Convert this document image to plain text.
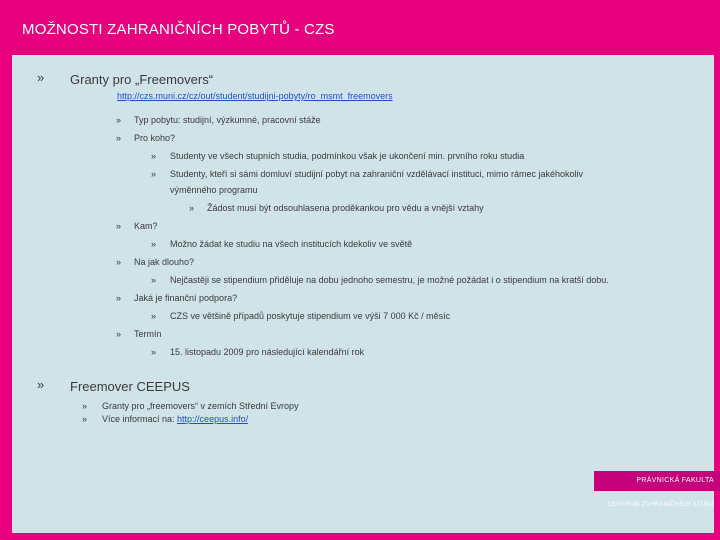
MOŽNOSTI ZAHRANIČNÍCH POBYTŮ - CZS
» Granty pro „Freemovers“
http://czs.muni.cz/cz/out/student/studijni-pobyty/ro_msmt_freemovers
» Typ pobytu: studijní, výzkumné, pracovní stáže
» Pro koho?
» Studenty ve všech stupních studia, podmínkou však je ukončení min. prvního roku studia
» Studenty, kteří si sámi domluví studijní pobyt na zahraniční vzdělávací instituci, mimo rámec jakéhokoliv
výměnného programu
» Žádost musí být odsouhlasena proděkankou pro vědu a vnější vztahy
» Kam?
» Možno žádat ke studiu na všech institucích kdekoliv ve světě
» Na jak dlouho?
» Nejčastěji se stipendium přiděluje na dobu jednoho semestru, je možné požádat i o stipendium na kratší dobu.
» Jaká je finanční podpora?
» CZS ve většině případů poskytuje stipendium ve výši 7 000 Kč / měsíc
» Termín
» 15. listopadu 2009 pro následující kalendářní rok
» Freemover CEEPUS
» Granty pro „freemovers“ v zemích Střední Evropy
» Více informací na: http://ceepus.info/
PRÁVNICKÁ FAKULTA
CENTRUM ZAHRANIČNÍCH STUDIÍ
